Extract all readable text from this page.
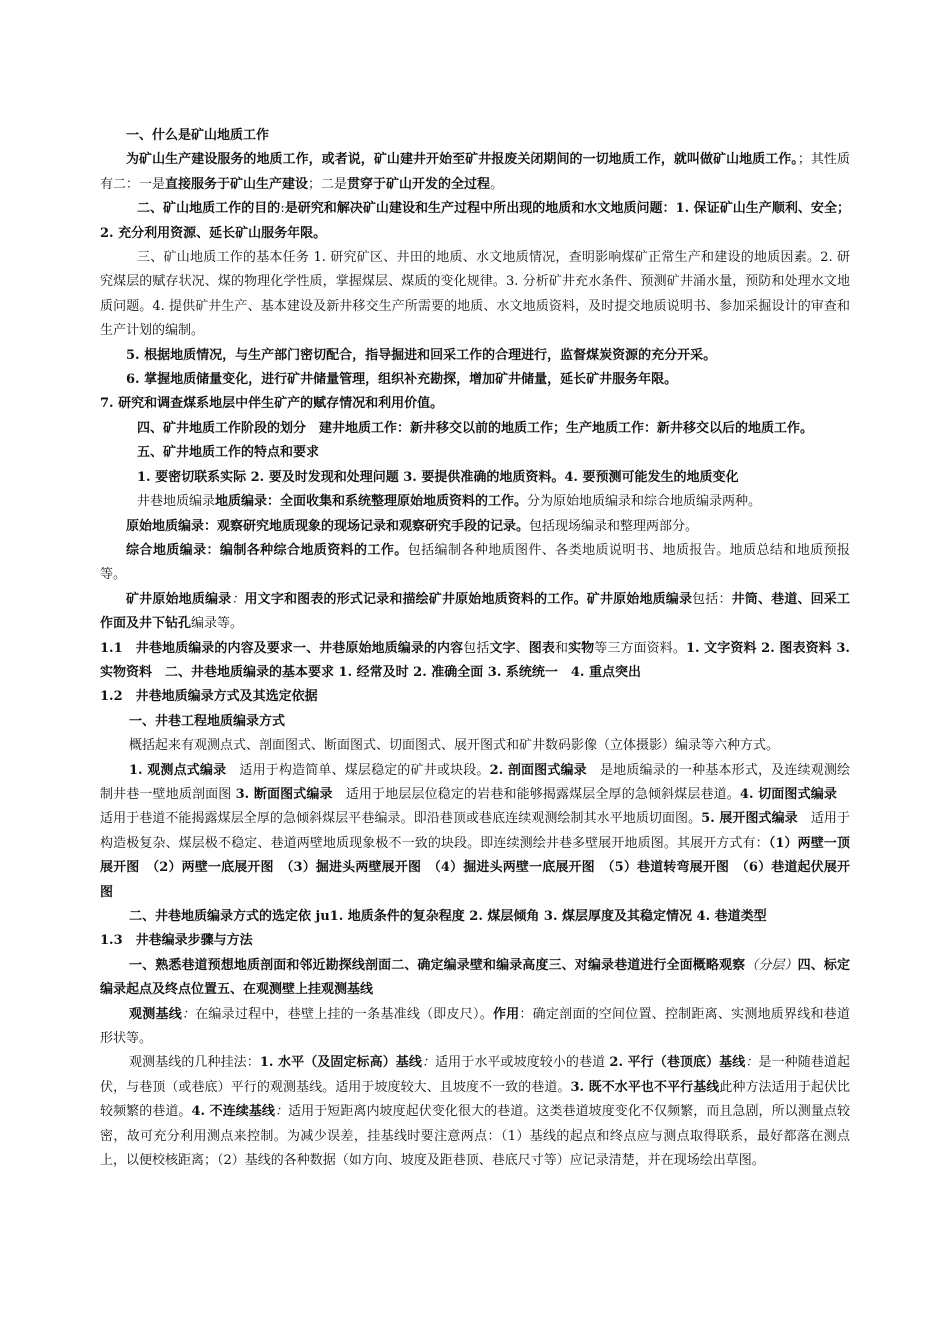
一、什么是矿山地质工作

为矿山生产建设服务的地质工作，或者说，矿山建井开始至矿井报废关闭期间的一切地质工作，就叫做矿山地质工作。；其性质有二：一是直接服务于矿山生产建设；二是贯穿于矿山开发的全过程。

二、矿山地质工作的目的:是研究和解决矿山建设和生产过程中所出现的地质和水文地质问题：1. 保证矿山生产顺利、安全；2. 充分利用资源、延长矿山服务年限。

三、矿山地质工作的基本任务 1. 研究矿区、井田的地质、水文地质情况，查明影响煤矿正常生产和建设的地质因素。2. 研究煤层的赋存状况、煤的物理化学性质，掌握煤层、煤质的变化规律。3. 分析矿井充水条件、预测矿井涌水量，预防和处理水文地质问题。4. 提供矿井生产、基本建设及新井移交生产所需要的地质、水文地质资料，及时提交地质说明书、参加采掘设计的审查和生产计划的编制。

5. 根据地质情况，与生产部门密切配合，指导掘进和回采工作的合理进行，监督煤炭资源的充分开采。

6. 掌握地质储量变化，进行矿井储量管理，组织补充勘探，增加矿井储量，延长矿井服务年限。

7. 研究和调查煤系地层中伴生矿产的赋存情况和利用价值。

四、矿井地质工作阶段的划分　建井地质工作：新井移交以前的地质工作；生产地质工作：新井移交以后的地质工作。

五、矿井地质工作的特点和要求

1. 要密切联系实际 2. 要及时发现和处理问题 3. 要提供准确的地质资料。4. 要预测可能发生的地质变化

井巷地质编录地质编录：全面收集和系统整理原始地质资料的工作。分为原始地质编录和综合地质编录两种。

原始地质编录：观察研究地质现象的现场记录和观察研究手段的记录。包括现场编录和整理两部分。

综合地质编录：编制各种综合地质资料的工作。包括编制各种地质图件、各类地质说明书、地质报告。地质总结和地质预报等。

矿井原始地质编录：用文字和图表的形式记录和描绘矿井原始地质资料的工作。矿井原始地质编录包括：井筒、巷道、回采工作面及井下钻孔编录等。

1.1　井巷地质编录的内容及要求一、井巷原始地质编录的内容包括文字、图表和实物等三方面资料。1. 文字资料 2. 图表资料 3. 实物资料　二、井巷地质编录的基本要求 1. 经常及时 2. 准确全面 3. 系统统一　4. 重点突出

1.2　井巷地质编录方式及其选定依据

一、井巷工程地质编录方式

概括起来有观测点式、剖面图式、断面图式、切面图式、展开图式和矿井数码影像（立体摄影）编录等六种方式。

1. 观测点式编录　适用于构造简单、煤层稳定的矿井或块段。2. 剖面图式编录　是地质编录的一种基本形式，及连续观测绘制井巷一壁地质剖面图 3. 断面图式编录　适用于地层层位稳定的岩巷和能够揭露煤层全厚的急倾斜煤层巷道。4. 切面图式编录　适用于巷道不能揭露煤层全厚的急倾斜煤层平巷编录。即沿巷顶或巷底连续观测绘制其水平地质切面图。5. 展开图式编录　适用于构造极复杂、煤层极不稳定、巷道两壁地质现象极不一致的块段。即连续测绘井巷多壁展开地质图。其展开方式有：（1）两壁一顶展开图　（2）两壁一底展开图　（3）掘进头两壁展开图　（4）掘进头两壁一底展开图　（5）巷道转弯展开图　（6）巷道起伏展开图

二、井巷地质编录方式的选定依 ju1. 地质条件的复杂程度 2. 煤层倾角 3. 煤层厚度及其稳定情况 4. 巷道类型

1.3　井巷编录步骤与方法

一、熟悉巷道预想地质剖面和邻近勘探线剖面二、确定编录壁和编录高度三、对编录巷道进行全面概略观察（分层）四、标定编录起点及终点位置五、在观测壁上挂观测基线

观测基线：在编录过程中，巷壁上挂的一条基准线（即皮尺）。作用：确定剖面的空间位置、控制距离、实测地质界线和巷道形状等。

观测基线的几种挂法：1. 水平（及固定标高）基线：适用于水平或坡度较小的巷道 2. 平行（巷顶底）基线：是一种随巷道起伏，与巷顶（或巷底）平行的观测基线。适用于坡度较大、且坡度不一致的巷道。3. 既不水平也不平行基线此种方法适用于起伏比较频繁的巷道。4. 不连续基线：适用于短距离内坡度起伏变化很大的巷道。这类巷道坡度变化不仅频繁，而且急剧，所以测量点较密，故可充分利用测点来控制。为减少误差，挂基线时要注意两点：（1）基线的起点和终点应与测点取得联系，最好都落在测点上，以便校核距离；（2）基线的各种数据（如方向、坡度及距巷顶、巷底尺寸等）应记录清楚，并在现场绘出草图。
